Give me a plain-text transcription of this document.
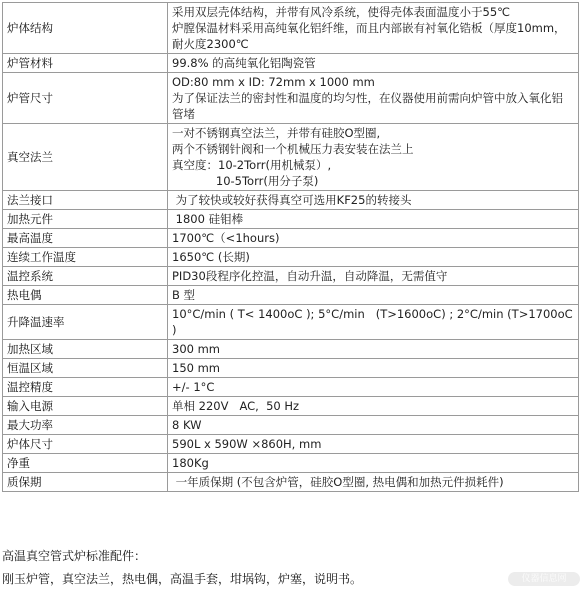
炉体结构	采用双层壳体结构，并带有风冷系统，使得壳体表面温度小于55℃
炉膛保温材料采用高纯氧化铝纤维，而且内部嵌有衬氧化锆板（厚度10mm，耐火度2300℃

炉管材料	99.8% 的高纯氧化铝陶瓷管

炉管尺寸	OD:80 mm x ID: 72mm x 1000 mm
为了保证法兰的密封性和温度的均匀性，在仪器使用前需向炉管中放入氧化铝管堵

真空法兰	一对不锈钢真空法兰，并带有硅胶O型圈,
两个不锈钢针阀和一个机械压力表安装在法兰上
真空度：10-2Torr(用机械泵）,
10-5Torr(用分子泵)

法兰接口	为了较快或较好获得真空可选用KF25的转接头

加热元件	1800 硅钼棒

最高温度	1700℃（<1hours)

连续工作温度	1650℃ (长期)

温控系统	PID30段程序化控温，自动升温，自动降温，无需值守

热电偶	B 型

升降温速率	10°C/min ( T< 1400oC ); 5°C/min   (T>1600oC) ; 2°C/min (T>1700oC )

加热区域	300 mm

恒温区域	150 mm

温控精度	+/- 1°C

输入电源	单相 220V   AC,  50 Hz

最大功率	8 KW

炉体尺寸	590L x 590W ×860H, mm

净重	180Kg

质保期	一年质保期 (不包含炉管，硅胶O型圈, 热电偶和加热元件损耗件)
高温真空管式炉标准配件：
刚玉炉管，真空法兰，热电偶，高温手套，坩埚钩，炉塞，说明书。	仪器信息网
